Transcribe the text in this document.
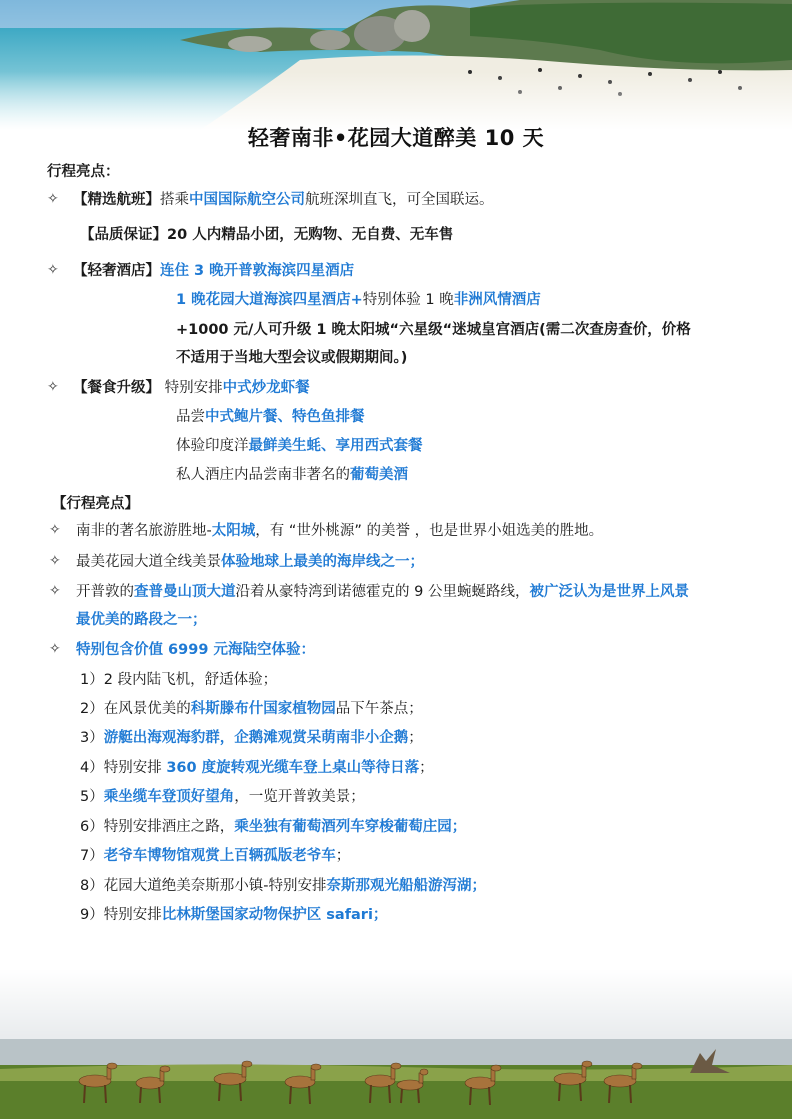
轻奢南非•花园大道醉美 10 天
行程亮点：
✧ 【精选航班】搭乘中国国际航空公司航班深圳直飞，可全国联运。
【品质保证】20 人内精品小团，无购物、无自费、无车售
✧ 【轻奢酒店】连住 3 晚开普敦海滨四星酒店
1 晚花园大道海滨四星酒店+特别体验 1 晚非洲风情酒店
+1000 元/人可升级 1 晚太阳城“六星级“迷城皇宫酒店(需二次查房查价，价格
不适用于当地大型会议或假期期间。)
✧ 【餐食升级】 特别安排中式炒龙虾餐
品尝中式鲍片餐、特色鱼排餐
体验印度洋最鲜美生蚝、享用西式套餐
私人酒庄内品尝南非著名的葡萄美酒
【行程亮点】
✧ 南非的著名旅游胜地-太阳城，有 “世外桃源” 的美誉 ，也是世界小姐选美的胜地。
✧ 最美花园大道全线美景体验地球上最美的海岸线之一；
✧ 开普敦的查普曼山顶大道沿着从豪特湾到诺德霍克的 9 公里蜿蜒路线，被广泛认为是世界上风景
最优美的路段之一；
✧ 特别包含价值 6999 元海陆空体验：
1）2 段内陆飞机，舒适体验；
2）在风景优美的科斯滕布什国家植物园品下午茶点；
3）游艇出海观海豹群，企鹅滩观赏呆萌南非小企鹅；
4）特别安排 360 度旋转观光缆车登上桌山等待日落；
5）乘坐缆车登顶好望角，一览开普敦美景；
6）特别安排酒庄之路，乘坐独有葡萄酒列车穿梭葡萄庄园；
7）老爷车博物馆观赏上百辆孤版老爷车；
8）花园大道绝美奈斯那小镇-特别安排奈斯那观光船船游泻湖；
9）特别安排比林斯堡国家动物保护区 safari；
